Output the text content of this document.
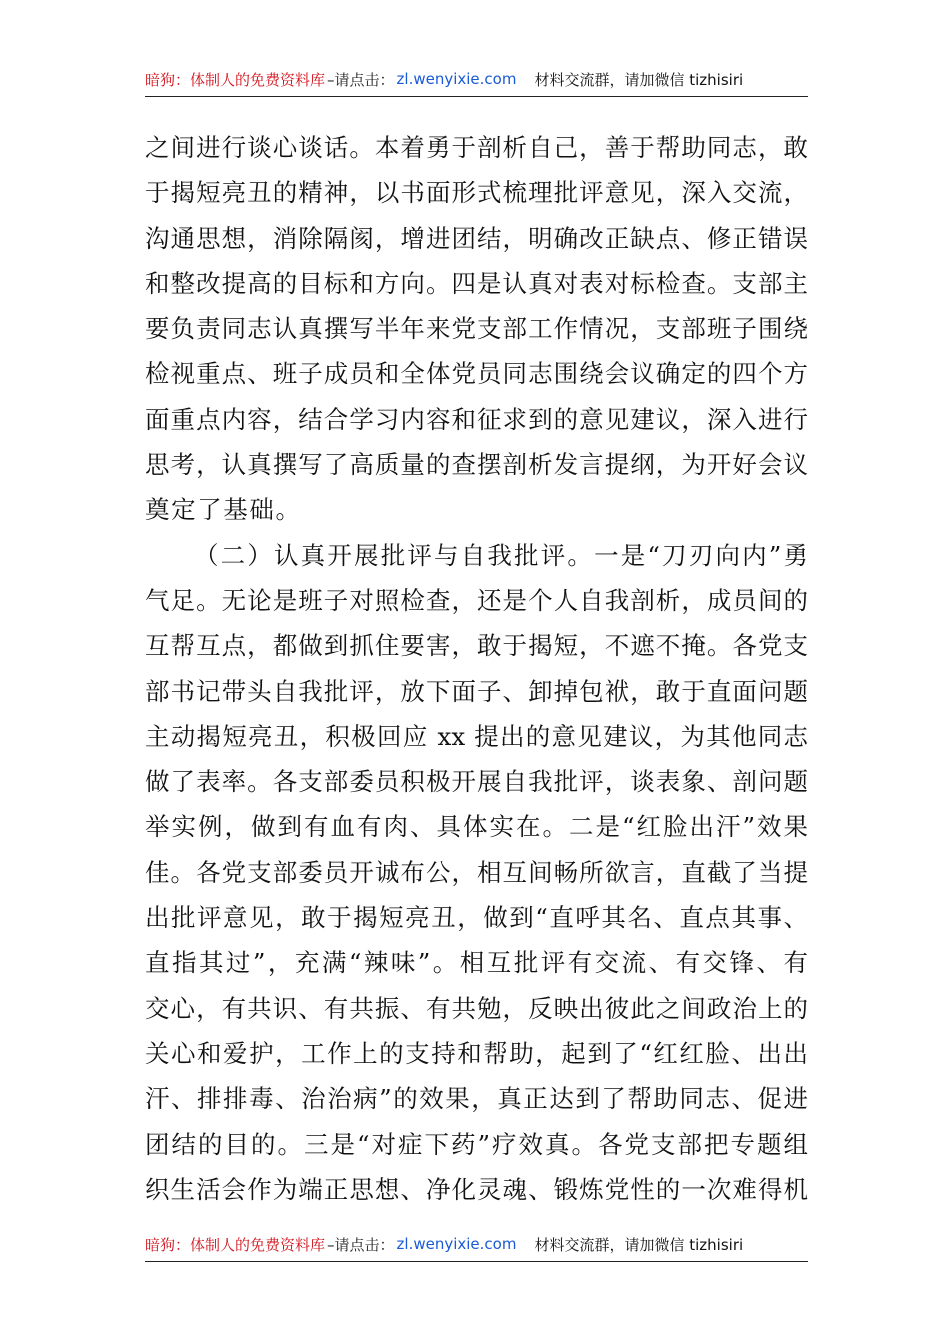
暗狗：体制人的免费资料库 –请点击： zl.wenyixie.com 材料交流群，请加微信 tizhisiri
之间进行谈心谈话。本着勇于剖析自己，善于帮助同志，敢
于揭短亮丑的精神，以书面形式梳理批评意见，深入交流，
沟通思想，消除隔阂，增进团结，明确改正缺点、修正错误
和整改提高的目标和方向。四是认真对表对标检查。支部主
要负责同志认真撰写半年来党支部工作情况，支部班子围绕
检视重点、班子成员和全体党员同志围绕会议确定的四个方
面重点内容，结合学习内容和征求到的意见建议，深入进行
思考，认真撰写了高质量的查摆剖析发言提纲，为开好会议
奠定了基础。
（二）认真开展批评与自我批评。一是“刀刃向内”勇
气足。无论是班子对照检查，还是个人自我剖析，成员间的
互帮互点，都做到抓住要害，敢于揭短，不遮不掩。各党支
部书记带头自我批评，放下面子、卸掉包袱，敢于直面问题
主动揭短亮丑，积极回应 xx 提出的意见建议，为其他同志
做了表率。各支部委员积极开展自我批评，谈表象、剖问题
举实例，做到有血有肉、具体实在。二是“红脸出汗”效果
佳。各党支部委员开诚布公，相互间畅所欲言，直截了当提
出批评意见，敢于揭短亮丑，做到“直呼其名、直点其事、
直指其过”，充满“辣味”。相互批评有交流、有交锋、有
交心，有共识、有共振、有共勉，反映出彼此之间政治上的
关心和爱护，工作上的支持和帮助，起到了“红红脸、出出
汗、排排毒、治治病”的效果，真正达到了帮助同志、促进
团结的目的。三是“对症下药”疗效真。各党支部把专题组
织生活会作为端正思想、净化灵魂、锻炼党性的一次难得机
暗狗：体制人的免费资料库 –请点击： zl.wenyixie.com 材料交流群，请加微信 tizhisiri
